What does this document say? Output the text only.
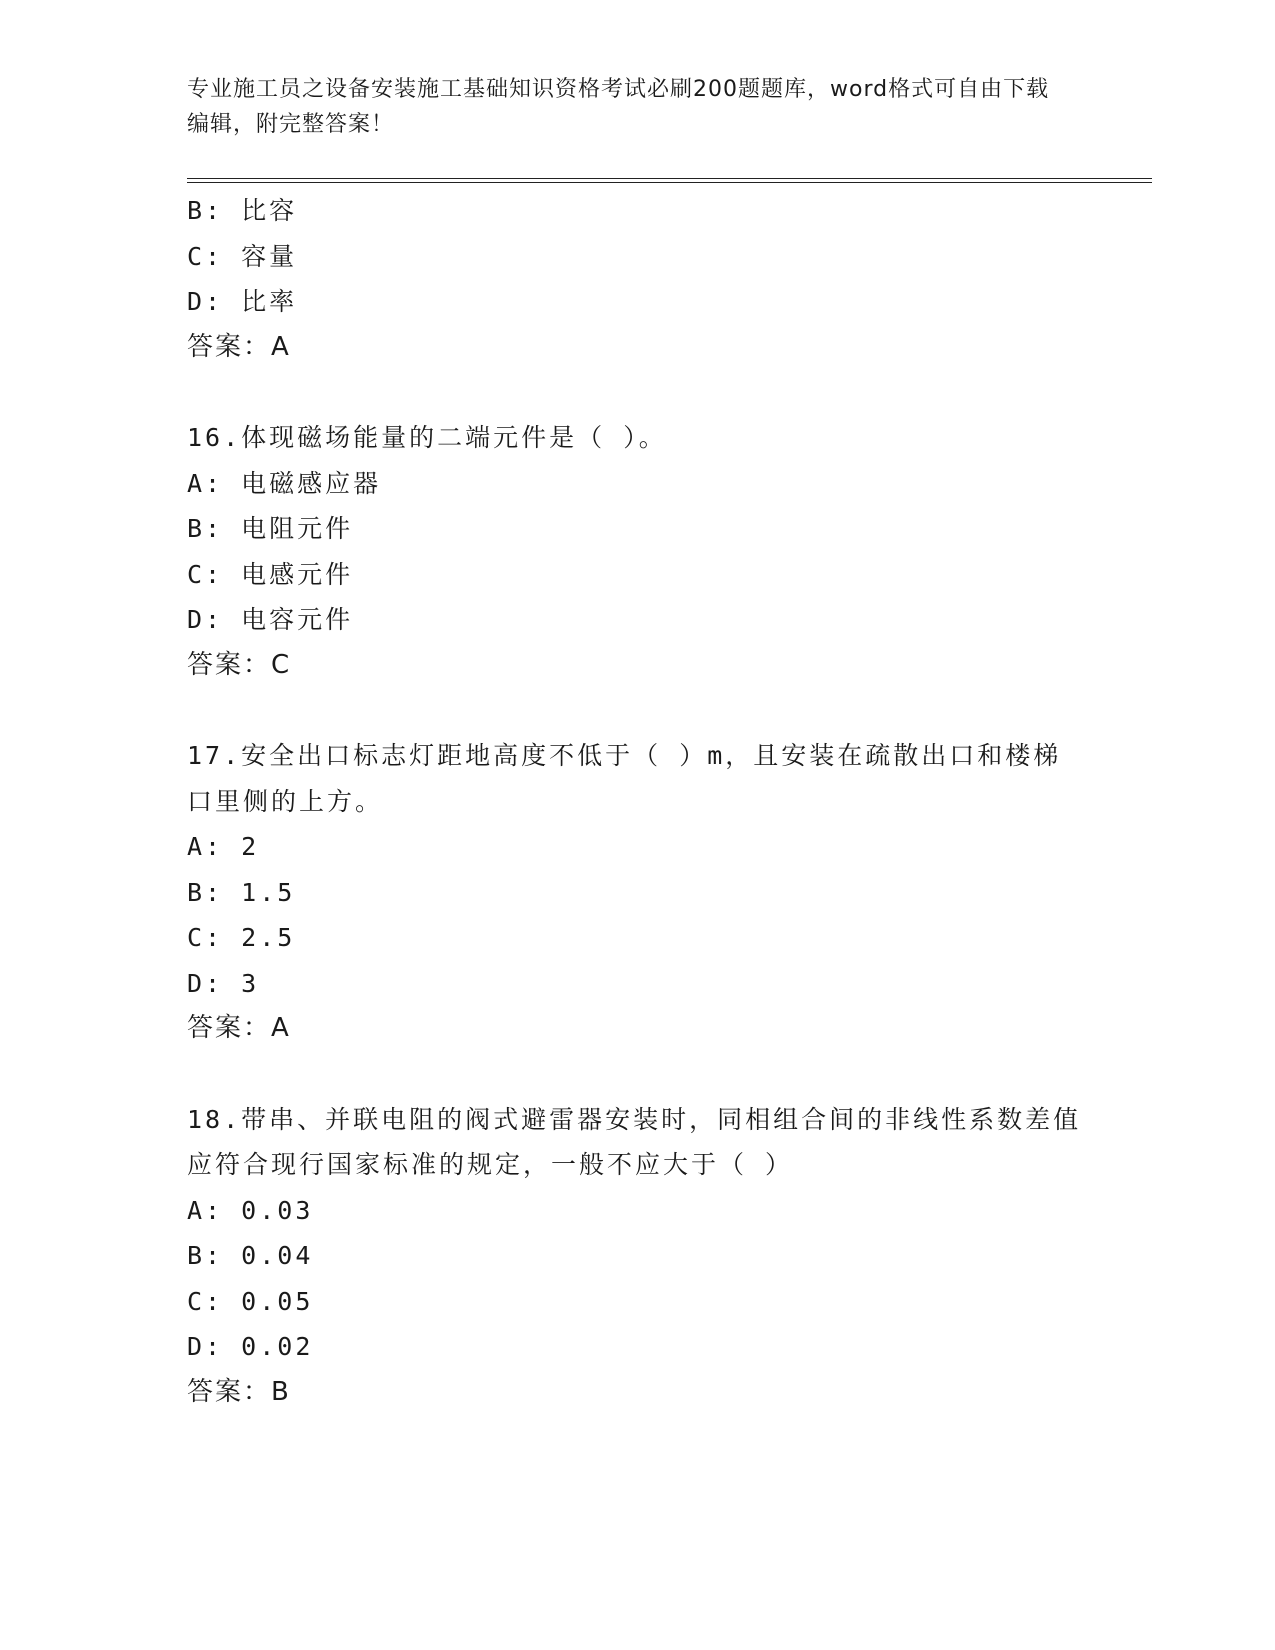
专业施工员之设备安装施工基础知识资格考试必刷200题题库，word格式可自由下载编辑，附完整答案！
B: 比容
C: 容量
D: 比率
答案：A
16.体现磁场能量的二端元件是（ ）。
A: 电磁感应器
B: 电阻元件
C: 电感元件
D: 电容元件
答案：C
17.安全出口标志灯距地高度不低于（ ）m，且安装在疏散出口和楼梯口里侧的上方。
A: 2
B: 1.5
C: 2.5
D: 3
答案：A
18.带串、并联电阻的阀式避雷器安装时，同相组合间的非线性系数差值应符合现行国家标准的规定，一般不应大于（ ）
A: 0.03
B: 0.04
C: 0.05
D: 0.02
答案：B
